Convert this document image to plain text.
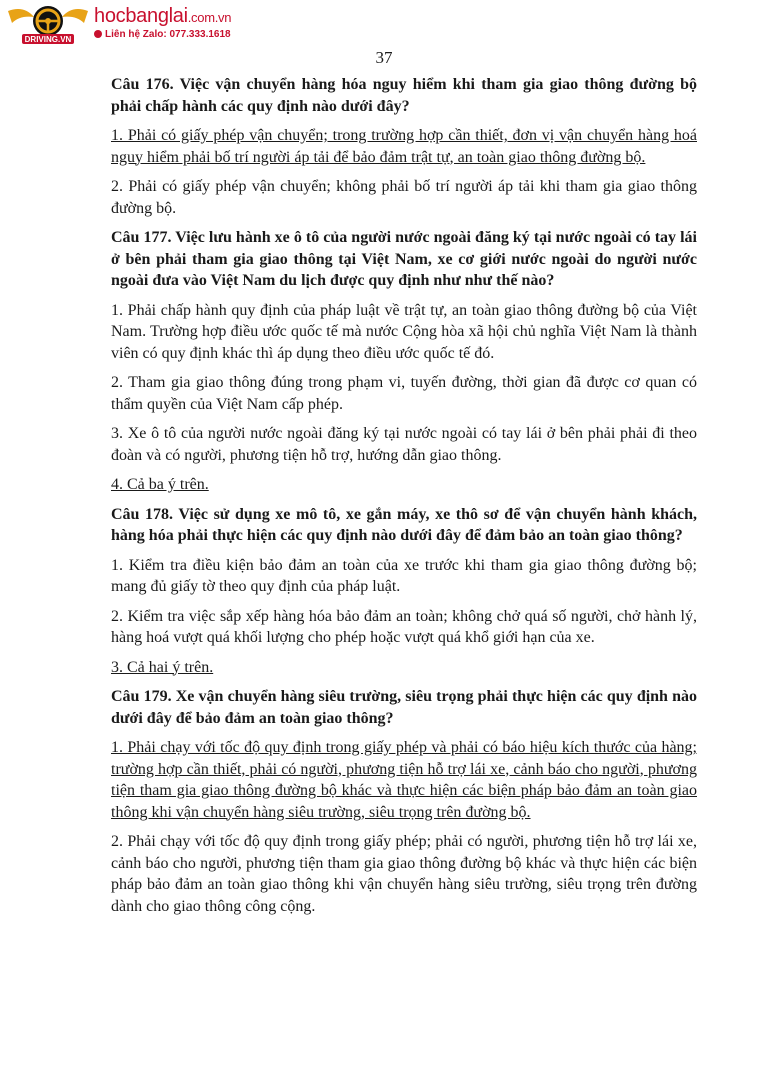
DRIVING.VN
hocbanglai.com.vn
Liên hệ Zalo: 077.333.1618
37

Câu 176. Việc vận chuyển hàng hóa nguy hiểm khi tham gia giao thông đường bộ phải chấp hành các quy định nào dưới đây?

1. Phải có giấy phép vận chuyển; trong trường hợp cần thiết, đơn vị vận chuyển hàng hoá nguy hiểm phải bố trí người áp tải để bảo đảm trật tự, an toàn giao thông đường bộ.

2. Phải có giấy phép vận chuyển; không phải bố trí người áp tải khi tham gia giao thông đường bộ.

Câu 177. Việc lưu hành xe ô tô của người nước ngoài đăng ký tại nước ngoài có tay lái ở bên phải tham gia giao thông tại Việt Nam, xe cơ giới nước ngoài do người nước ngoài đưa vào Việt Nam du lịch được quy định như như thế nào?

1. Phải chấp hành quy định của pháp luật về trật tự, an toàn giao thông đường bộ của Việt Nam. Trường hợp điều ước quốc tế mà nước Cộng hòa xã hội chủ nghĩa Việt Nam là thành viên có quy định khác thì áp dụng theo điều ước quốc tế đó.

2. Tham gia giao thông đúng trong phạm vi, tuyến đường, thời gian đã được cơ quan có thẩm quyền của Việt Nam cấp phép.

3. Xe ô tô của người nước ngoài đăng ký tại nước ngoài có tay lái ở bên phải phải đi theo đoàn và có người, phương tiện hỗ trợ, hướng dẫn giao thông.

4. Cả ba ý trên.

Câu 178. Việc sử dụng xe mô tô, xe gắn máy, xe thô sơ để vận chuyển hành khách, hàng hóa phải thực hiện các quy định nào dưới đây để đảm bảo an toàn giao thông?

1. Kiểm tra điều kiện bảo đảm an toàn của xe trước khi tham gia giao thông đường bộ; mang đủ giấy tờ theo quy định của pháp luật.

2. Kiểm tra việc sắp xếp hàng hóa bảo đảm an toàn; không chở quá số người, chở hành lý, hàng hoá vượt quá khối lượng cho phép hoặc vượt quá khổ giới hạn của xe.

3. Cả hai ý trên.

Câu 179. Xe vận chuyển hàng siêu trường, siêu trọng phải thực hiện các quy định nào dưới đây để bảo đảm an toàn giao thông?

1. Phải chạy với tốc độ quy định trong giấy phép và phải có báo hiệu kích thước của hàng; trường hợp cần thiết, phải có người, phương tiện hỗ trợ lái xe, cảnh báo cho người, phương tiện tham gia giao thông đường bộ khác và thực hiện các biện pháp bảo đảm an toàn giao thông khi vận chuyển hàng siêu trường, siêu trọng trên đường bộ.

2. Phải chạy với tốc độ quy định trong giấy phép; phải có người, phương tiện hỗ trợ lái xe, cảnh báo cho người, phương tiện tham gia giao thông đường bộ khác và thực hiện các biện pháp bảo đảm an toàn giao thông khi vận chuyển hàng siêu trường, siêu trọng trên đường dành cho giao thông công cộng.
